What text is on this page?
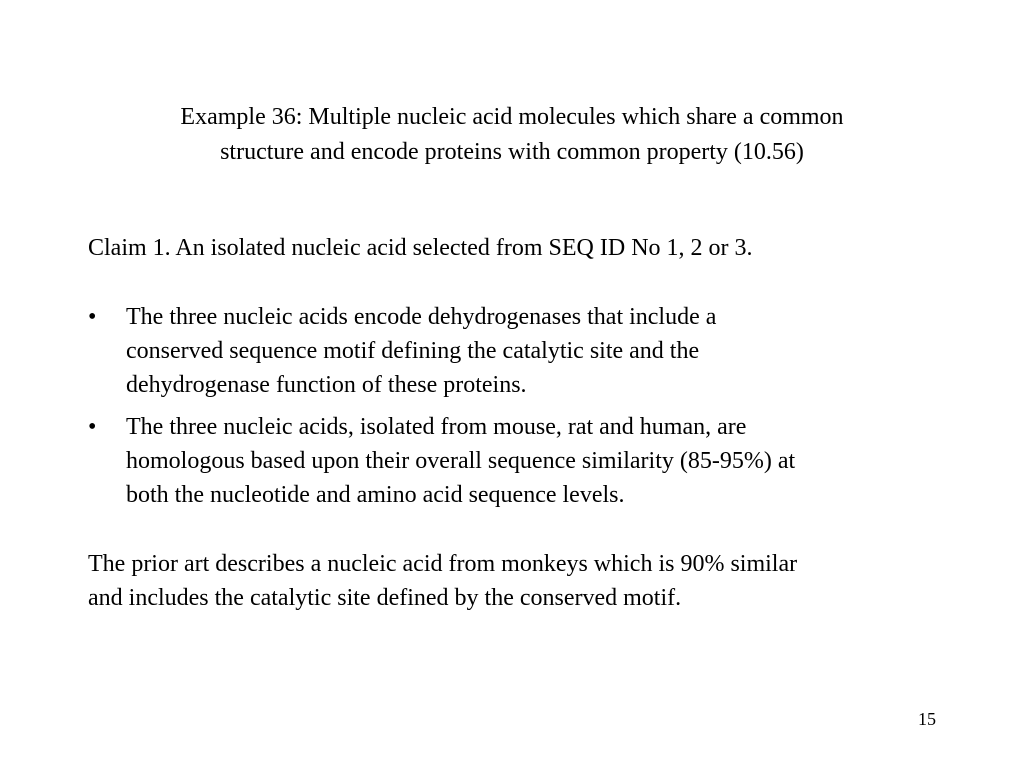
Example 36: Multiple nucleic acid molecules which share a common
structure and encode proteins with common property (10.56)

Claim 1. An isolated nucleic acid selected from SEQ ID No 1, 2 or 3.

• The three nucleic acids encode dehydrogenases that include a
conserved sequence motif defining the catalytic site and the
dehydrogenase function of these proteins.
• The three nucleic acids, isolated from mouse, rat and human, are
homologous based upon their overall sequence similarity (85-95%) at
both the nucleotide and amino acid sequence levels.

The prior art describes a nucleic acid from monkeys which is 90% similar
and includes the catalytic site defined by the conserved motif.

15
